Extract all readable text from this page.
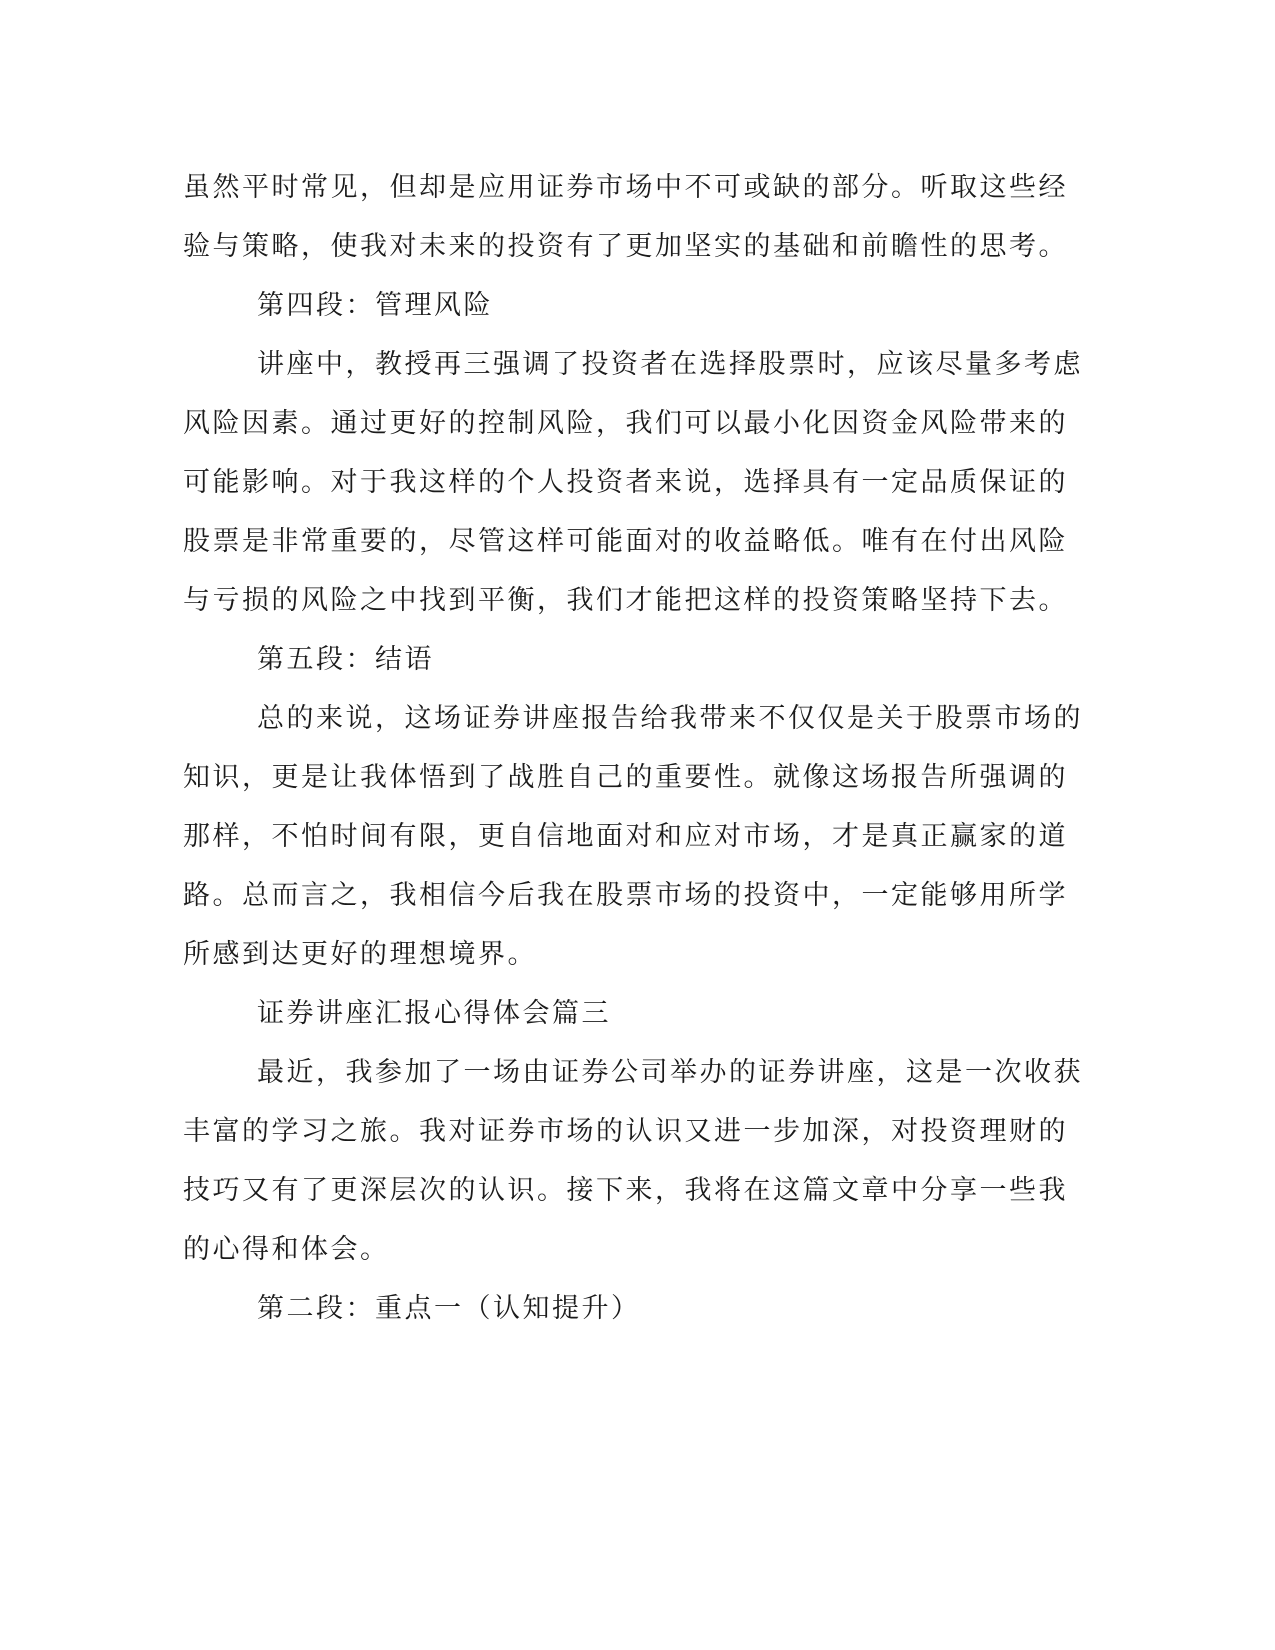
虽然平时常见，但却是应用证券市场中不可或缺的部分。听取这些经
验与策略，使我对未来的投资有了更加坚实的基础和前瞻性的思考。

第四段：管理风险

讲座中，教授再三强调了投资者在选择股票时，应该尽量多考虑
风险因素。通过更好的控制风险，我们可以最小化因资金风险带来的
可能影响。对于我这样的个人投资者来说，选择具有一定品质保证的
股票是非常重要的，尽管这样可能面对的收益略低。唯有在付出风险
与亏损的风险之中找到平衡，我们才能把这样的投资策略坚持下去。

第五段：结语

总的来说，这场证券讲座报告给我带来不仅仅是关于股票市场的
知识，更是让我体悟到了战胜自己的重要性。就像这场报告所强调的
那样，不怕时间有限，更自信地面对和应对市场，才是真正赢家的道
路。总而言之，我相信今后我在股票市场的投资中，一定能够用所学
所感到达更好的理想境界。

证券讲座汇报心得体会篇三

最近，我参加了一场由证券公司举办的证券讲座，这是一次收获
丰富的学习之旅。我对证券市场的认识又进一步加深，对投资理财的
技巧又有了更深层次的认识。接下来，我将在这篇文章中分享一些我
的心得和体会。

第二段：重点一（认知提升）
